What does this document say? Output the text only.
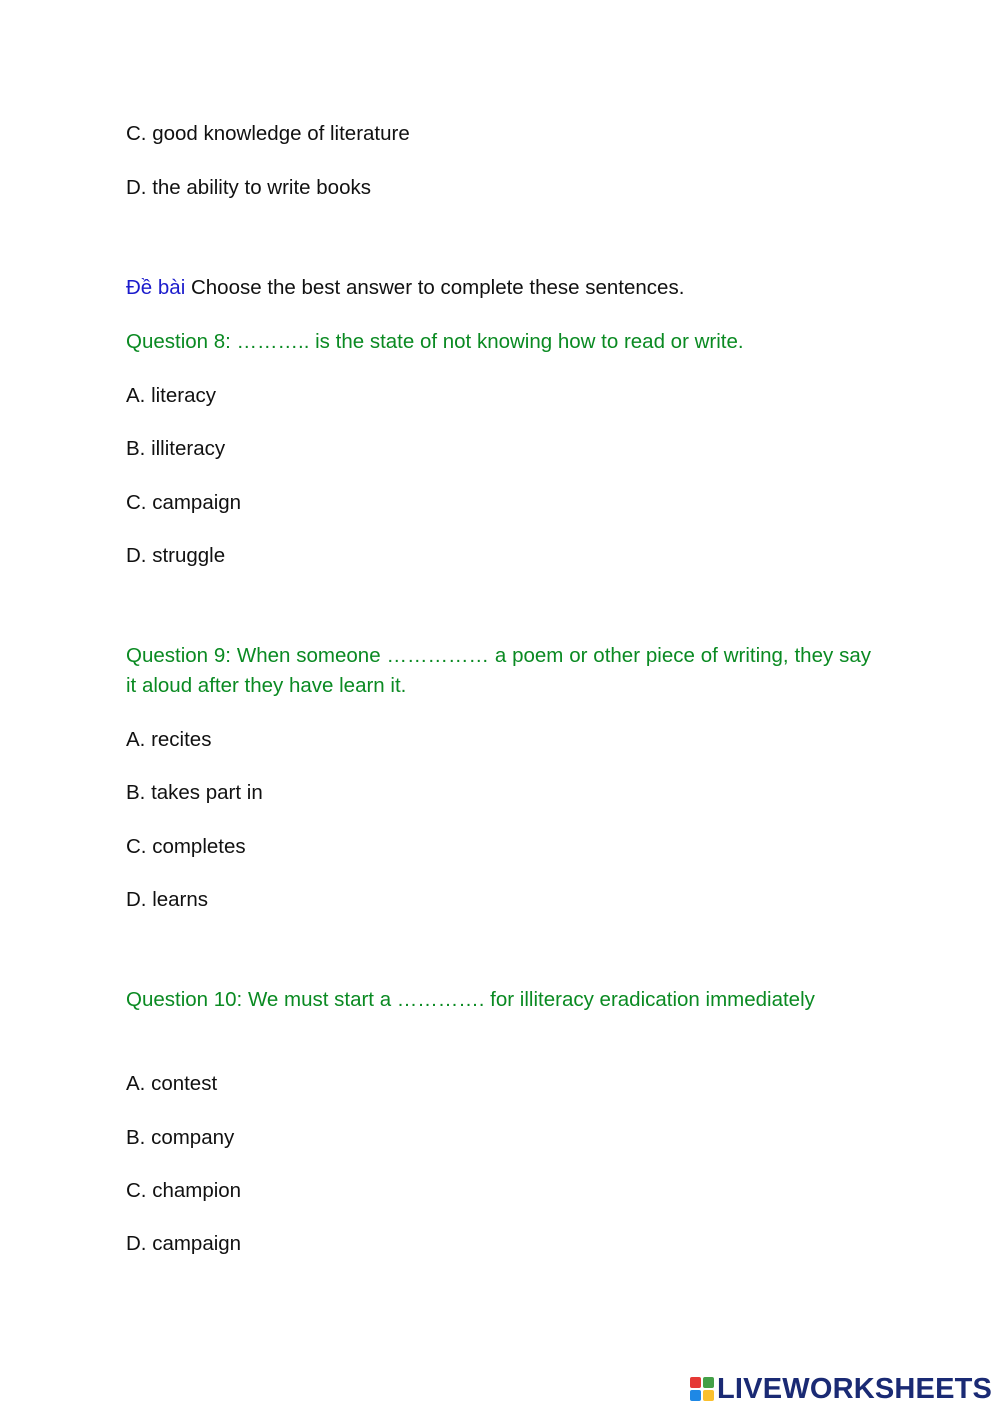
C. good knowledge of literature
D. the ability to write books
Đề bài Choose the best answer to complete these sentences.
Question 8: ……….. is the state of not knowing how to read or write.
A. literacy
B. illiteracy
C. campaign
D. struggle
Question 9: When someone …………… a poem or other piece of writing, they say it aloud after they have learn it.
A. recites
B. takes part in
C. completes
D. learns
Question 10: We must start a …………. for illiteracy eradication immediately
A. contest
B. company
C. champion
D. campaign
LIVEWORKSHEETS
